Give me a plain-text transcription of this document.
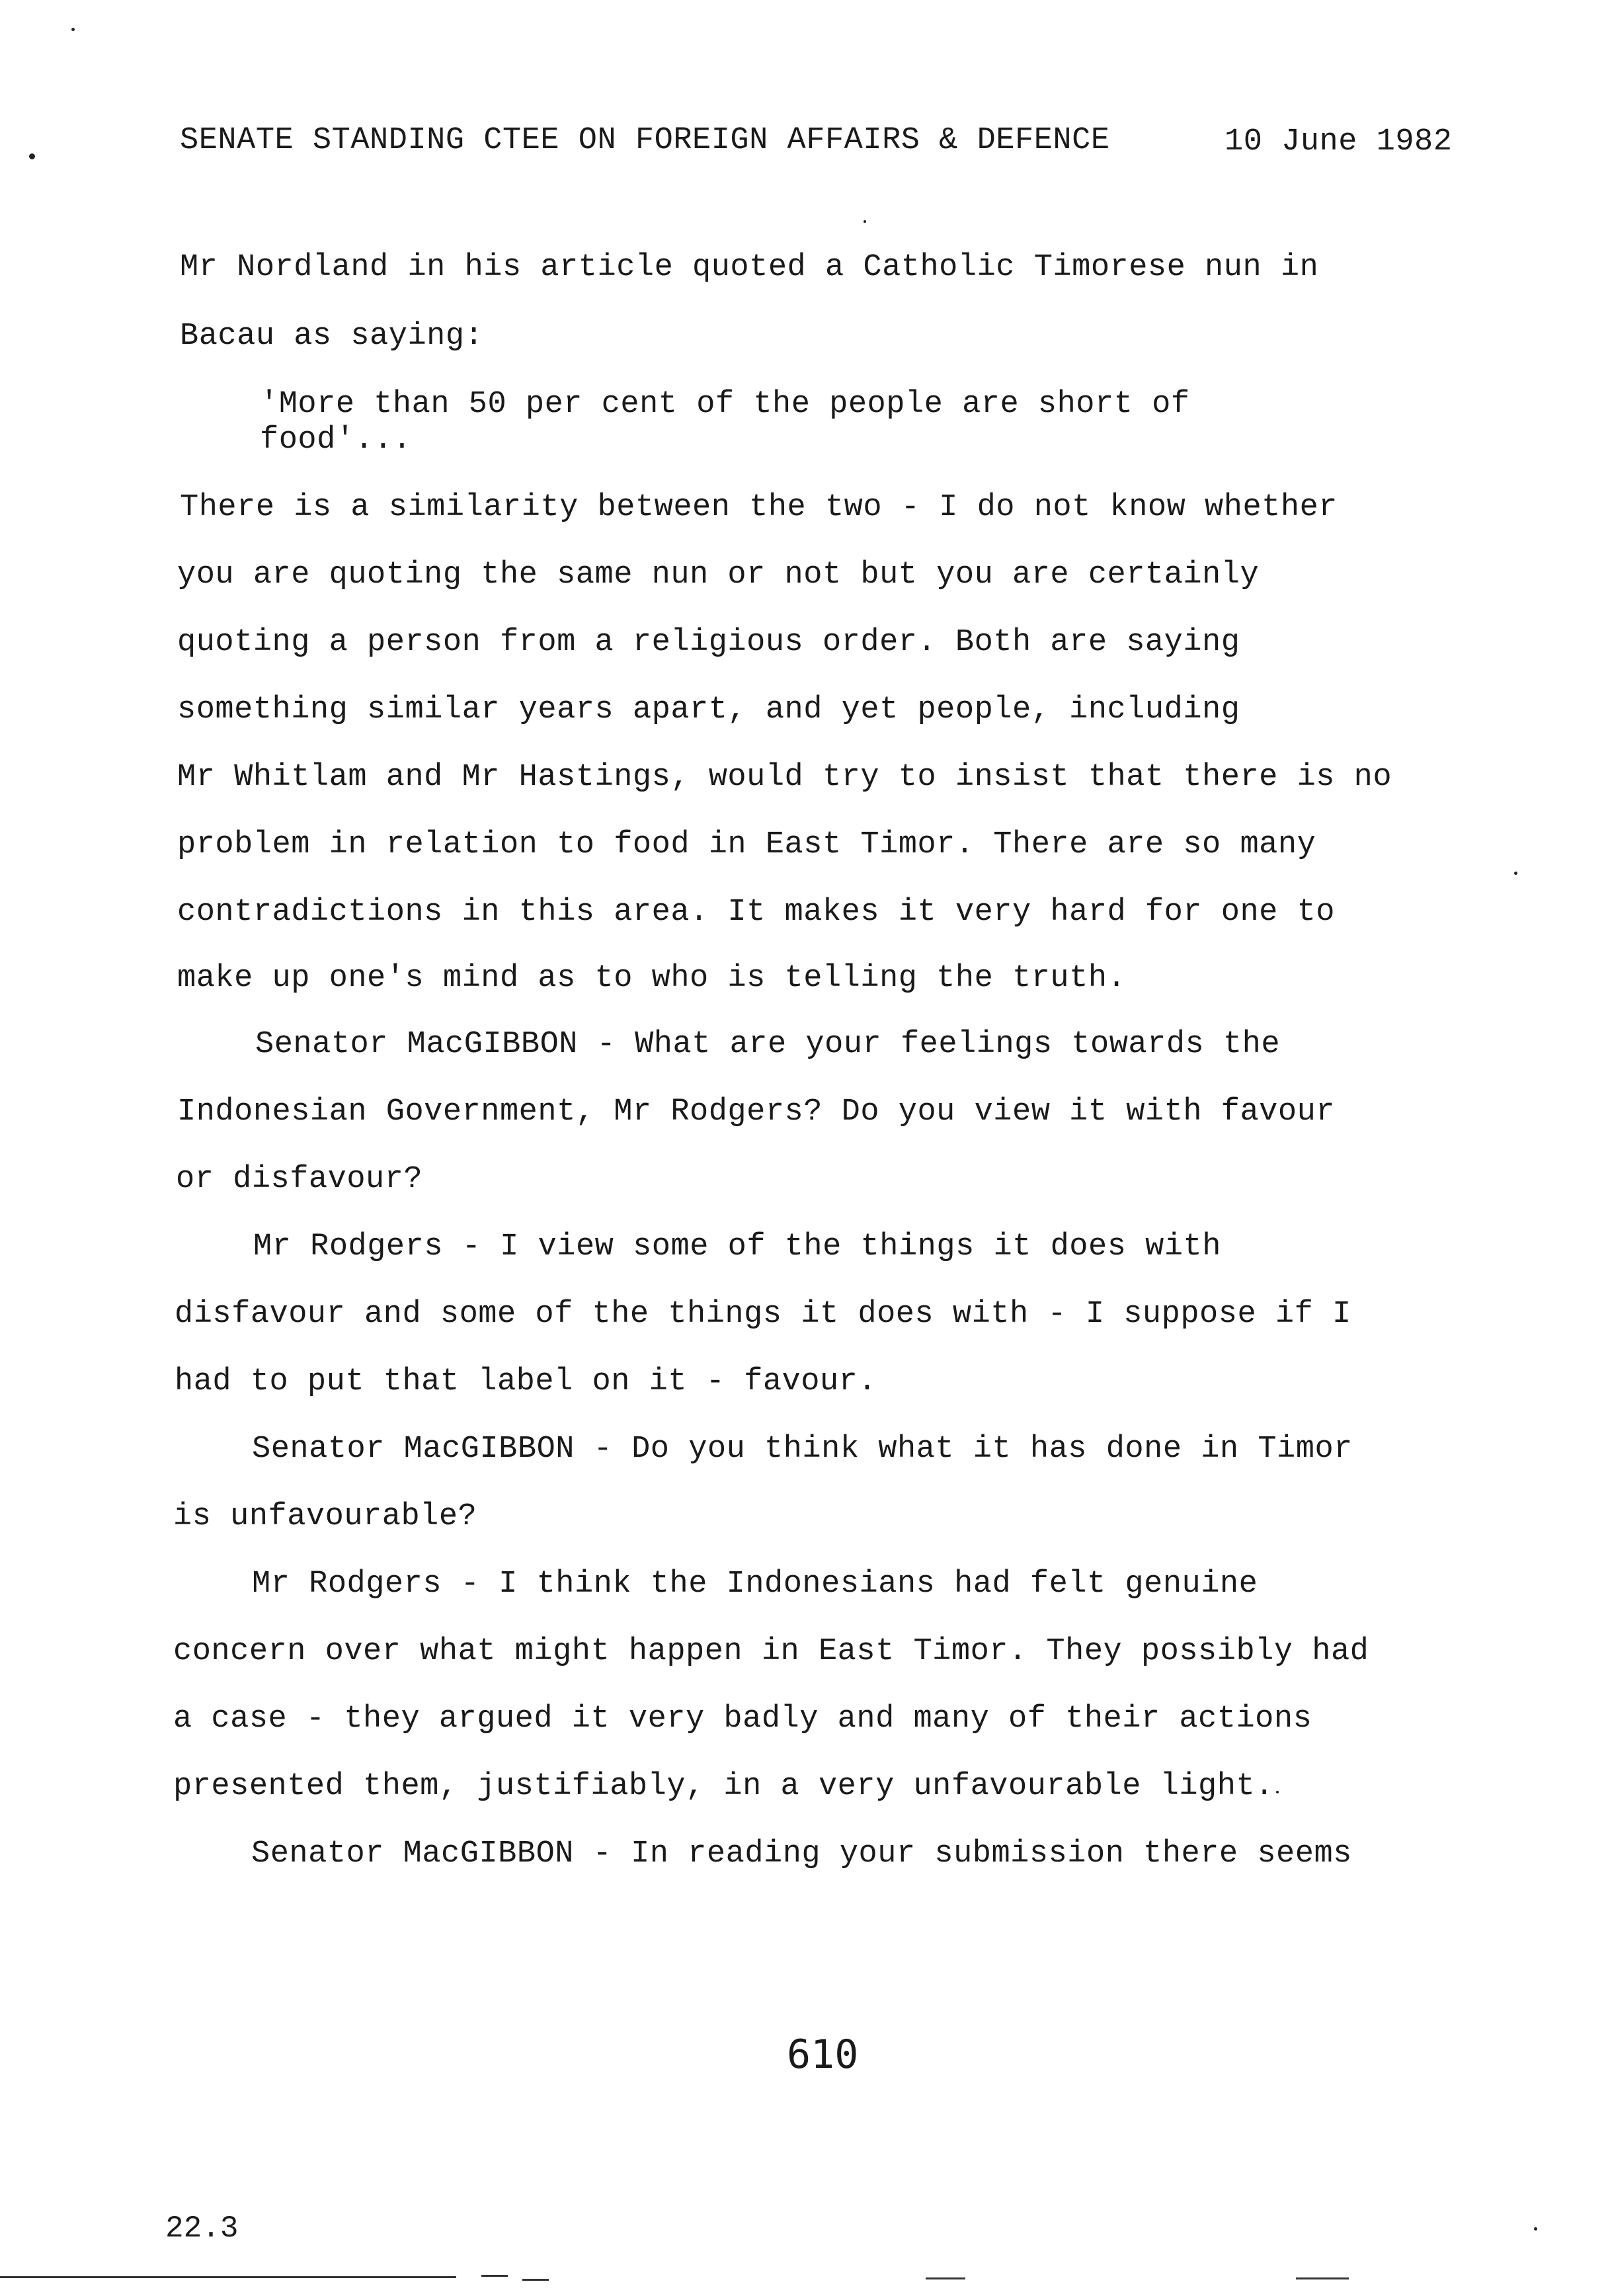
SENATE STANDING CTEE ON FOREIGN AFFAIRS & DEFENCE	10 June 1982
Mr Nordland in his article quoted a Catholic Timorese nun in
Bacau as saying:
'More than 50 per cent of the people are short of
food'...
There is a similarity between the two - I do not know whether
you are quoting the same nun or not but you are certainly
quoting a person from a religious order. Both are saying
something similar years apart, and yet people, including
Mr Whitlam and Mr Hastings, would try to insist that there is no
problem in relation to food in East Timor. There are so many
contradictions in this area. It makes it very hard for one to
make up one's mind as to who is telling the truth.
Senator MacGIBBON - What are your feelings towards the
Indonesian Government, Mr Rodgers? Do you view it with favour
or disfavour?
Mr Rodgers - I view some of the things it does with
disfavour and some of the things it does with - I suppose if I
had to put that label on it - favour.
Senator MacGIBBON - Do you think what it has done in Timor
is unfavourable?
Mr Rodgers - I think the Indonesians had felt genuine
concern over what might happen in East Timor. They possibly had
a case - they argued it very badly and many of their actions
presented them, justifiably, in a very unfavourable light.
Senator MacGIBBON - In reading your submission there seems
610
22.3
